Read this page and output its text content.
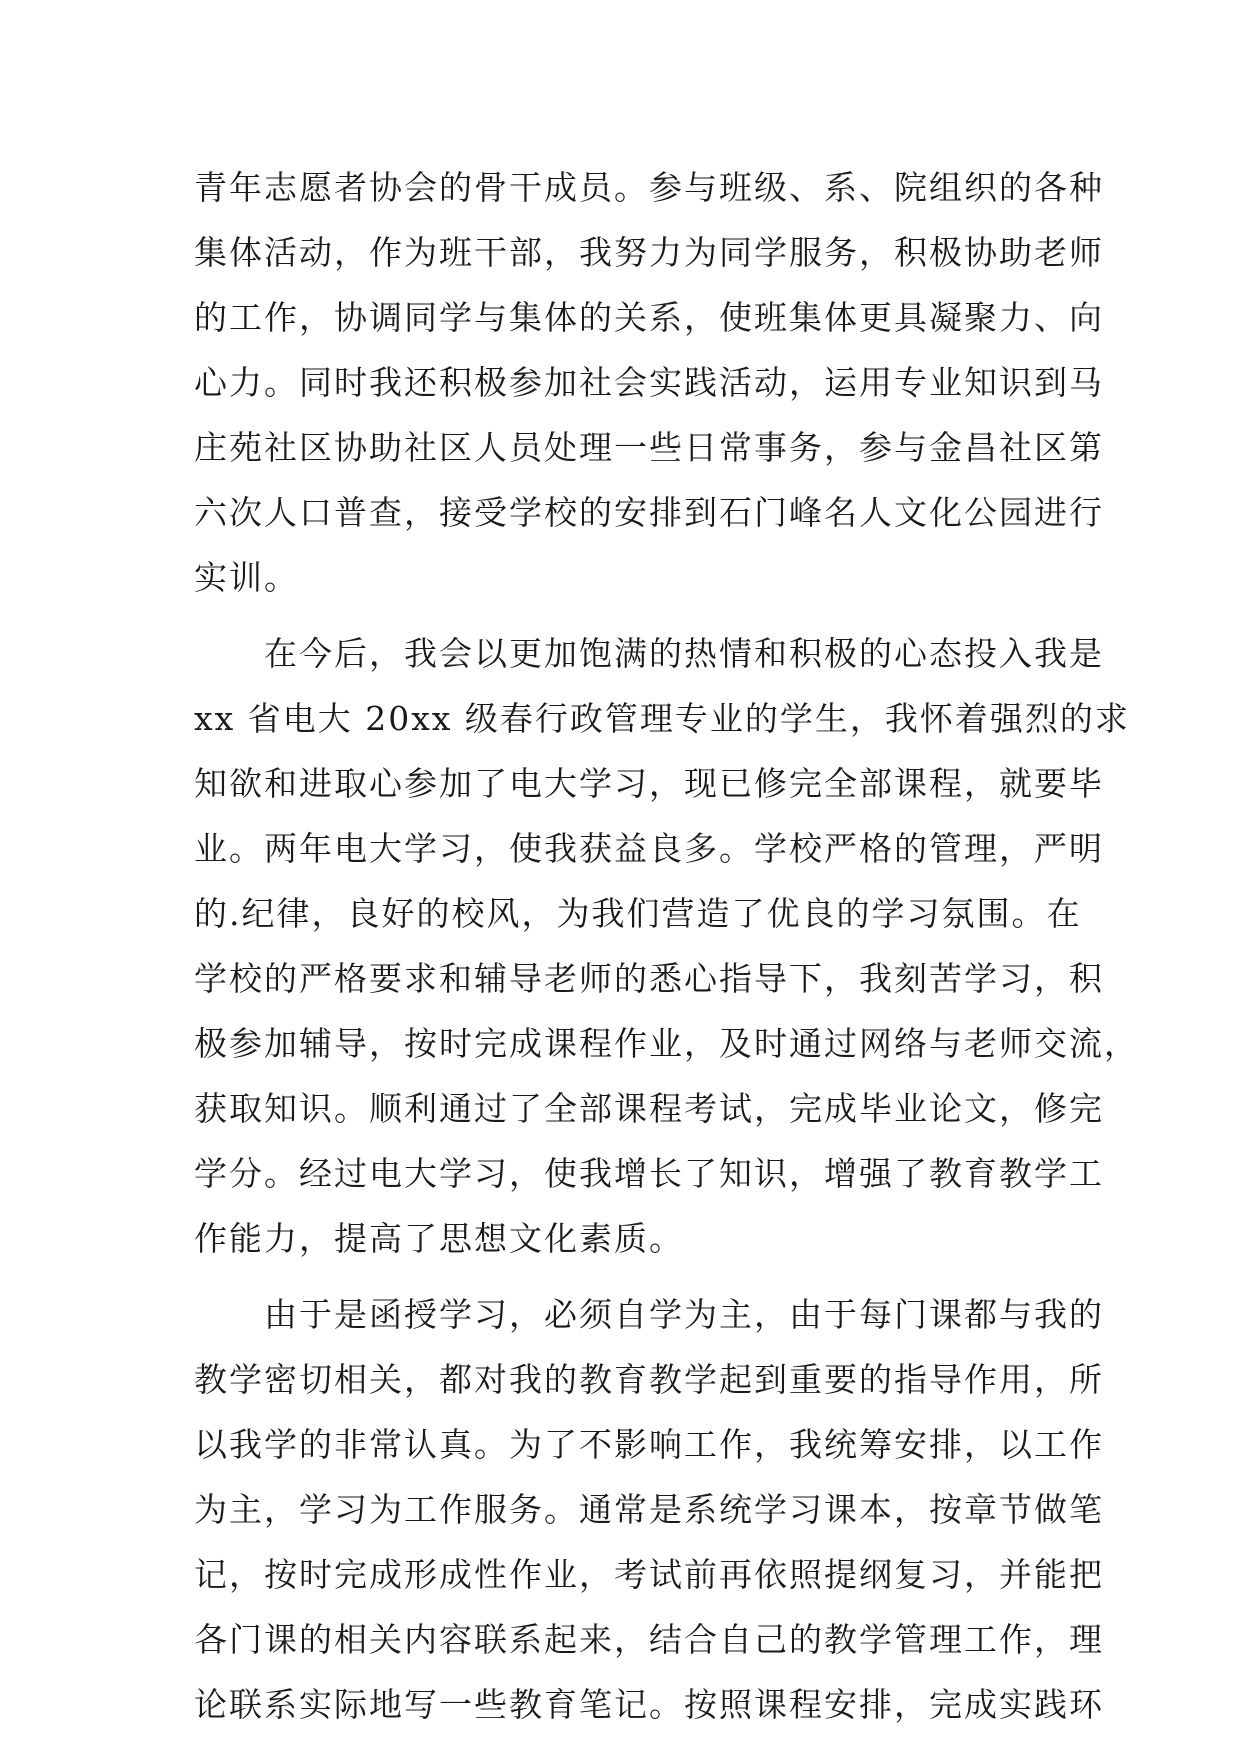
青年志愿者协会的骨干成员。参与班级、系、院组织的各种
集体活动，作为班干部，我努力为同学服务，积极协助老师
的工作，协调同学与集体的关系，使班集体更具凝聚力、向
心力。同时我还积极参加社会实践活动，运用专业知识到马
庄苑社区协助社区人员处理一些日常事务，参与金昌社区第
六次人口普查，接受学校的安排到石门峰名人文化公园进行
实训。
　　在今后，我会以更加饱满的热情和积极的心态投入我是
xx 省电大 20xx 级春行政管理专业的学生，我怀着强烈的求
知欲和进取心参加了电大学习，现已修完全部课程，就要毕
业。两年电大学习，使我获益良多。学校严格的管理，严明
的.纪律，良好的校风，为我们营造了优良的学习氛围。在
学校的严格要求和辅导老师的悉心指导下，我刻苦学习，积
极参加辅导，按时完成课程作业，及时通过网络与老师交流，
获取知识。顺利通过了全部课程考试，完成毕业论文，修完
学分。经过电大学习，使我增长了知识，增强了教育教学工
作能力，提高了思想文化素质。
　　由于是函授学习，必须自学为主，由于每门课都与我的
教学密切相关，都对我的教育教学起到重要的指导作用，所
以我学的非常认真。为了不影响工作，我统筹安排，以工作
为主，学习为工作服务。通常是系统学习课本，按章节做笔
记，按时完成形成性作业，考试前再依照提纲复习，并能把
各门课的相关内容联系起来，结合自己的教学管理工作，理
论联系实际地写一些教育笔记。按照课程安排，完成实践环
